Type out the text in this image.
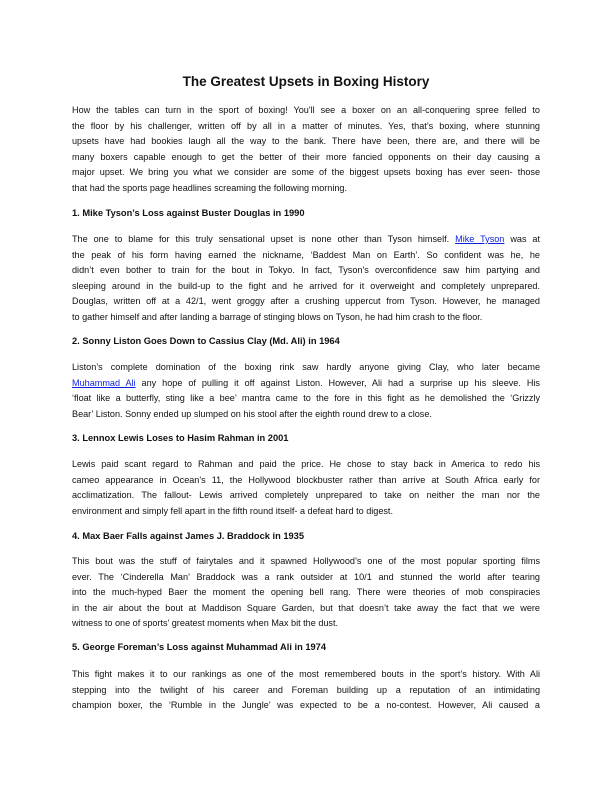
The Greatest Upsets in Boxing History
How the tables can turn in the sport of boxing! You'll see a boxer on an all-conquering spree felled to
the floor by his challenger, written off by all in a matter of minutes. Yes, that’s boxing, where stunning
upsets have had bookies laugh all the way to the bank. There have been, there are, and there will be
many boxers capable enough to get the better of their more fancied opponents on their day causing a
major upset. We bring you what we consider are some of the biggest upsets boxing has ever seen- those
that had the sports page headlines screaming the following morning.
1. Mike Tyson’s Loss against Buster Douglas in 1990
The one to blame for this truly sensational upset is none other than Tyson himself. Mike Tyson was at
the peak of his form having earned the nickname, ‘Baddest Man on Earth’. So confident was he, he
didn’t even bother to train for the bout in Tokyo. In fact, Tyson's overconfidence saw him partying and
sleeping around in the build-up to the fight and he arrived for it overweight and completely unprepared.
Douglas, written off at a 42/1, went groggy after a crushing uppercut from Tyson. However, he managed
to gather himself and after landing a barrage of stinging blows on Tyson, he had him crash to the floor.
2. Sonny Liston Goes Down to Cassius Clay (Md. Ali) in 1964
Liston’s complete domination of the boxing rink saw hardly anyone giving Clay, who later became
Muhammad Ali any hope of pulling it off against Liston. However, Ali had a surprise up his sleeve. His
‘float like a butterfly, sting like a bee’ mantra came to the fore in this fight as he demolished the ‘Grizzly
Bear’ Liston. Sonny ended up slumped on his stool after the eighth round drew to a close.
3. Lennox Lewis Loses to Hasim Rahman in 2001
Lewis paid scant regard to Rahman and paid the price. He chose to stay back in America to redo his
cameo appearance in Ocean's 11, the Hollywood blockbuster rather than arrive at South Africa early for
acclimatization. The fallout- Lewis arrived completely unprepared to take on neither the man nor the
environment and simply fell apart in the fifth round itself- a defeat hard to digest.
4. Max Baer Falls against James J. Braddock in 1935
This bout was the stuff of fairytales and it spawned Hollywood’s one of the most popular sporting films
ever. The ‘Cinderella Man’ Braddock was a rank outsider at 10/1 and stunned the world after tearing
into the much-hyped Baer the moment the opening bell rang. There were theories of mob conspiracies
in the air about the bout at Maddison Square Garden, but that doesn’t take away the fact that we were
witness to one of sports’ greatest moments when Max bit the dust.
5. George Foreman’s Loss against Muhammad Ali in 1974
This fight makes it to our rankings as one of the most remembered bouts in the sport’s history. With Ali
stepping into the twilight of his career and Foreman building up a reputation of an intimidating
champion boxer, the ‘Rumble in the Jungle’ was expected to be a no-contest. However, Ali caused a
